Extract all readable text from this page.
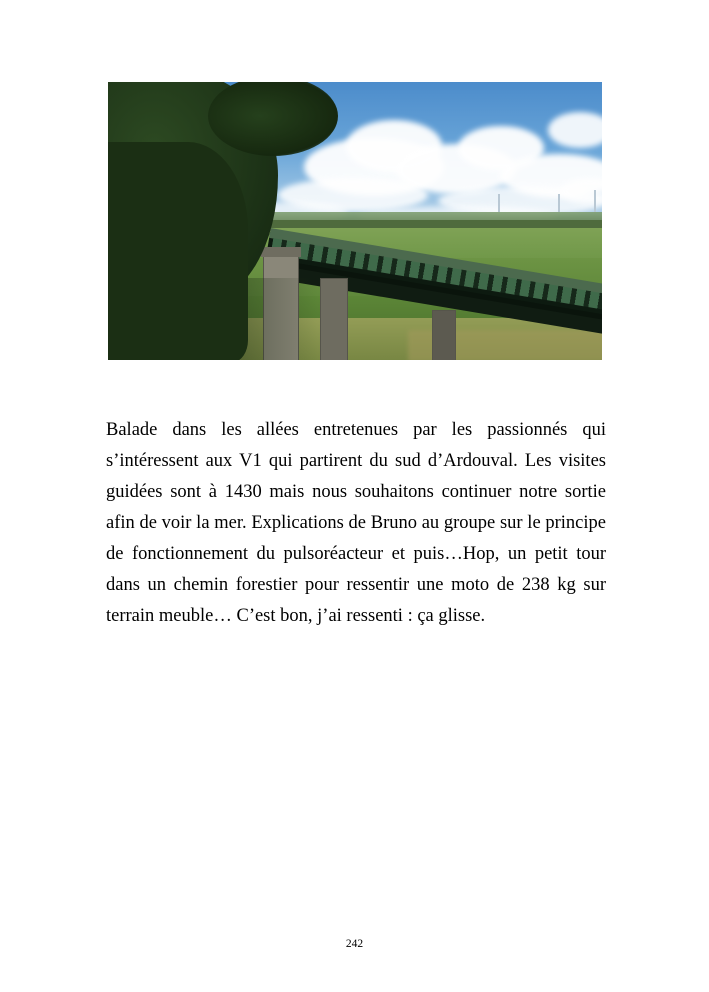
Balade dans les allées entretenues par les passionnés qui s’intéressent aux V1 qui partirent du sud d’Ardouval. Les visites guidées sont à 1430 mais nous souhaitons continuer notre sortie afin de voir la mer. Explications de Bruno au groupe sur le principe de fonctionnement du pulsoréacteur et puis…Hop, un petit tour dans un chemin forestier pour ressentir une moto de 238 kg sur terrain meuble… C’est bon, j’ai ressenti : ça glisse.

242
